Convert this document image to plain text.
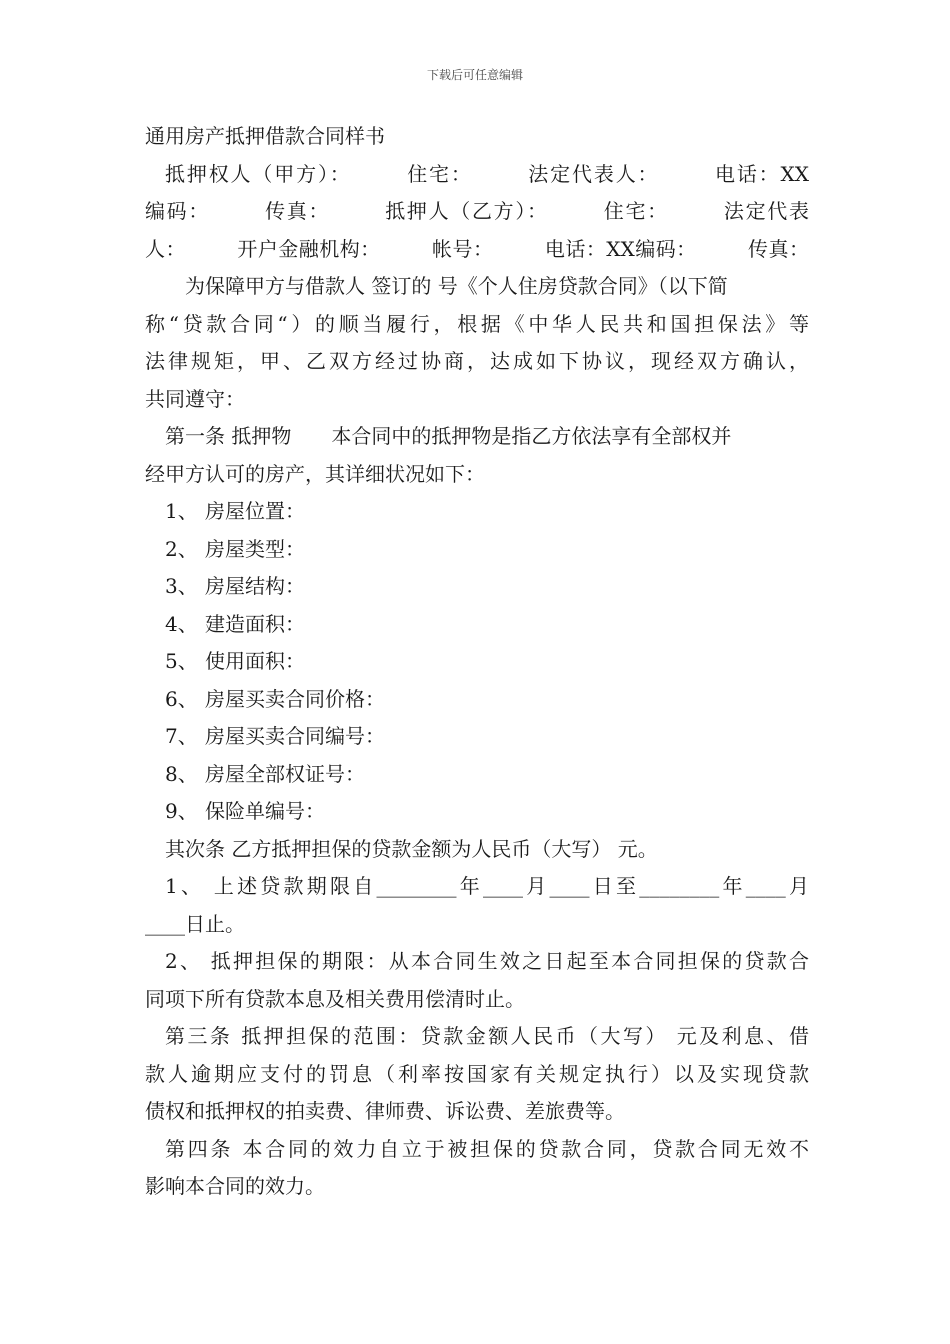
下载后可任意编辑

通用房产抵押借款合同样书

抵押权人（甲方）：　　　住宅：　　　法定代表人：　　　电话：XX

编码：　　　传真：　　　抵押人（乙方）：　　　住宅：　　　法定代表

人：　　　开户金融机构：　　　帐号：　　　电话：XX编码：　　　传真：

为保障甲方与借款人 签订的 号《个人住房贷款合同》（以下简

称“贷款合同“）的顺当履行，根据《中华人民共和国担保法》等

法律规矩，甲、乙双方经过协商，达成如下协议，现经双方确认，

共同遵守：

第一条 抵押物　　本合同中的抵押物是指乙方依法享有全部权并

经甲方认可的房产，其详细状况如下：

1、 房屋位置：

2、 房屋类型：

3、 房屋结构：

4、 建造面积：

5、 使用面积：

6、 房屋买卖合同价格：

7、 房屋买卖合同编号：

8、 房屋全部权证号：

9、 保险单编号：

其次条 乙方抵押担保的贷款金额为人民币（大写） 元。

1、 上述贷款期限自________年____月____日至________年____月

____日止。

2、 抵押担保的期限：从本合同生效之日起至本合同担保的贷款合

同项下所有贷款本息及相关费用偿清时止。

第三条 抵押担保的范围：贷款金额人民币（大写） 元及利息、借

款人逾期应支付的罚息（利率按国家有关规定执行）以及实现贷款

债权和抵押权的拍卖费、律师费、诉讼费、差旅费等。

第四条 本合同的效力自立于被担保的贷款合同，贷款合同无效不

影响本合同的效力。
